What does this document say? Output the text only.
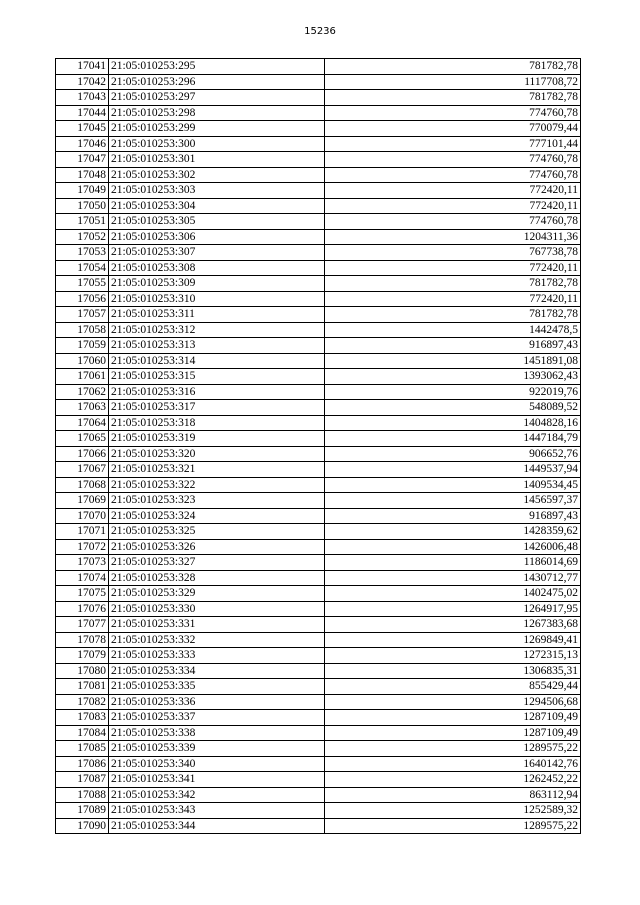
15236
17041	21:05:010253:295	781782,78
17042	21:05:010253:296	1117708,72
17043	21:05:010253:297	781782,78
17044	21:05:010253:298	774760,78
17045	21:05:010253:299	770079,44
17046	21:05:010253:300	777101,44
17047	21:05:010253:301	774760,78
17048	21:05:010253:302	774760,78
17049	21:05:010253:303	772420,11
17050	21:05:010253:304	772420,11
17051	21:05:010253:305	774760,78
17052	21:05:010253:306	1204311,36
17053	21:05:010253:307	767738,78
17054	21:05:010253:308	772420,11
17055	21:05:010253:309	781782,78
17056	21:05:010253:310	772420,11
17057	21:05:010253:311	781782,78
17058	21:05:010253:312	1442478,5
17059	21:05:010253:313	916897,43
17060	21:05:010253:314	1451891,08
17061	21:05:010253:315	1393062,43
17062	21:05:010253:316	922019,76
17063	21:05:010253:317	548089,52
17064	21:05:010253:318	1404828,16
17065	21:05:010253:319	1447184,79
17066	21:05:010253:320	906652,76
17067	21:05:010253:321	1449537,94
17068	21:05:010253:322	1409534,45
17069	21:05:010253:323	1456597,37
17070	21:05:010253:324	916897,43
17071	21:05:010253:325	1428359,62
17072	21:05:010253:326	1426006,48
17073	21:05:010253:327	1186014,69
17074	21:05:010253:328	1430712,77
17075	21:05:010253:329	1402475,02
17076	21:05:010253:330	1264917,95
17077	21:05:010253:331	1267383,68
17078	21:05:010253:332	1269849,41
17079	21:05:010253:333	1272315,13
17080	21:05:010253:334	1306835,31
17081	21:05:010253:335	855429,44
17082	21:05:010253:336	1294506,68
17083	21:05:010253:337	1287109,49
17084	21:05:010253:338	1287109,49
17085	21:05:010253:339	1289575,22
17086	21:05:010253:340	1640142,76
17087	21:05:010253:341	1262452,22
17088	21:05:010253:342	863112,94
17089	21:05:010253:343	1252589,32
17090	21:05:010253:344	1289575,22
